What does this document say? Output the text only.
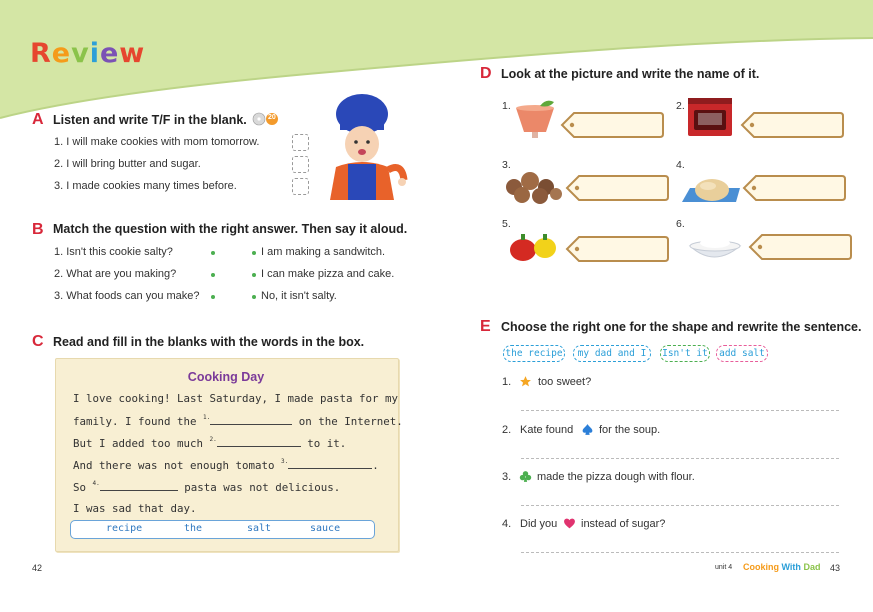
Review
A Listen and write T/F in the blank.	20
1. I will make cookies with mom tomorrow.
2. I will bring butter and sugar.
3. I made cookies many times before.
B Match the question with the right answer. Then say it aloud.
1. Isn't this cookie salty?
2. What are you making?
3. What foods can you make?
I am making a sandwitch.
I can make pizza and cake.
No, it isn't salty.
C Read and fill in the blanks with the words in the box.
Cooking Day
I love cooking! Last Saturday, I made pasta for my
family. I found the $^{1.}$	on the Internet.
But I added too much $^{2.}$	to it.
And there was not enough tomato $^{3.}$	.
So $^{4.}$	pasta was not delicious.
I was sad that day.
recipe	the	salt	sauce
D Look at the picture and write the name of it.
1.	2.
3.	4.
5.	6.
E Choose the right one for the shape and rewrite the sentence.
the recipe	my dad and I	Isn't it	add salt
1. too sweet?
2. Kate found for the soup.
3. made the pizza dough with flour.
4. Did you instead of sugar?
42	unit 4 Cooking With Dad 43
